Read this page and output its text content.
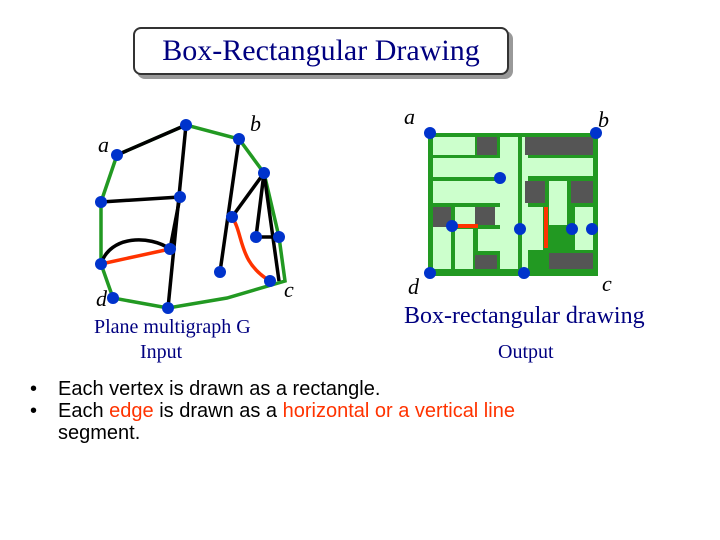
Box-Rectangular Drawing
a
b
c
d
Plane multigraph G
Input
a	b
c
d
Box-rectangular drawing
Output
•	Each vertex is drawn as a rectangle.
•	Each edge is drawn as a horizontal or a vertical line
segment.
